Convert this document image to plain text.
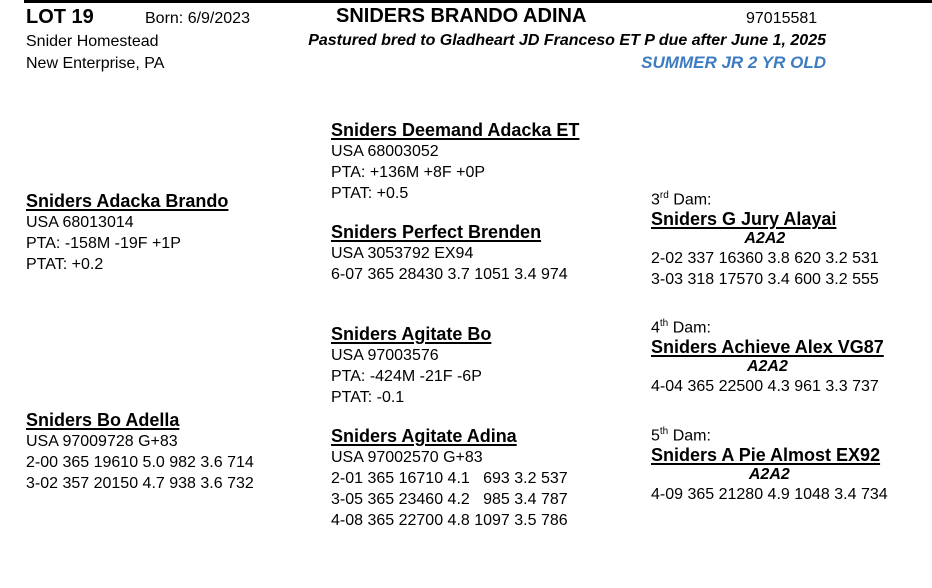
LOT 19	Born: 6/9/2023	SNIDERS BRANDO ADINA	97015581
Snider Homestead
New Enterprise, PA
Pastured bred to Gladheart JD Franceso ET P due after June 1, 2025
SUMMER JR 2 YR OLD
Sniders Adacka Brando
USA 68013014
PTA: -158M -19F +1P
PTAT: +0.2
Sniders Deemand Adacka ET
USA 68003052
PTA: +136M +8F +0P
PTAT: +0.5
Sniders Perfect Brenden
USA 3053792 EX94
6-07 365 28430 3.7 1051 3.4 974
Sniders Bo Adella
USA 97009728 G+83
2-00 365 19610 5.0 982 3.6 714
3-02 357 20150 4.7 938 3.6 732
Sniders Agitate Bo
USA 97003576
PTA: -424M -21F -6P
PTAT: -0.1
Sniders Agitate Adina
USA 97002570 G+83
2-01 365 16710 4.1   693 3.2 537
3-05 365 23460 4.2   985 3.4 787
4-08 365 22700 4.8 1097 3.5 786
3rd Dam:
Sniders G Jury Alayai
A2A2
2-02 337 16360 3.8 620 3.2 531
3-03 318 17570 3.4 600 3.2 555
4th Dam:
Sniders Achieve Alex VG87
A2A2
4-04 365 22500 4.3 961 3.3 737
5th Dam:
Sniders A Pie Almost EX92
A2A2
4-09 365 21280 4.9 1048 3.4 734
